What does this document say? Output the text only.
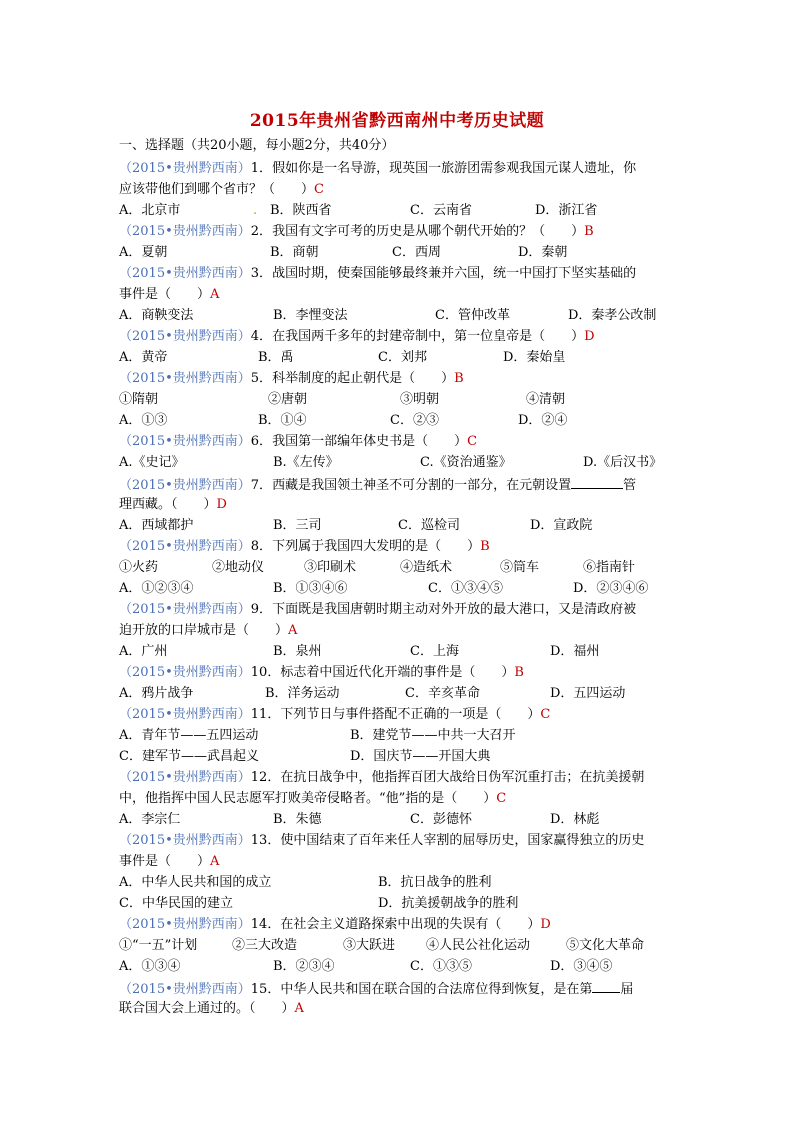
2015年贵州省黔西南州中考历史试题
一、选择题（共20小题，每小题2分，共40分）
（2015•贵州黔西南）1．假如你是一名导游，现英国一旅游团需参观我国元谋人遗址，你
应该带他们到哪个省市？（　　）C
A．北京市	. B．陕西省	C．云南省	D．浙江省
（2015•贵州黔西南）2．我国有文字可考的历史是从哪个朝代开始的？（　　）B
A．夏朝	B．商朝	C．西周	D．秦朝
（2015•贵州黔西南）3．战国时期，使秦国能够最终兼并六国，统一中国打下坚实基础的
事件是（　　）A
A．商鞅变法	B．李悝变法	C．管仲改革	D．秦孝公改制
（2015•贵州黔西南）4．在我国两千多年的封建帝制中，第一位皇帝是（　　）D
A．黄帝	B．禹	C．刘邦	D．秦始皇
（2015•贵州黔西南）5．科举制度的起止朝代是（　　）B
①隋朝	②唐朝	③明朝	④清朝
A．①③	B．①④	C．②③	D．②④
（2015•贵州黔西南）6．我国第一部编年体史书是（　　）C
A.《史记》	B.《左传》	C.《资治通鉴》	D.《后汉书》
（2015•贵州黔西南）7．西藏是我国领土神圣不可分割的一部分，在元朝设置	管
理西藏。（　　）D
A．西域都护	B．三司	C．巡检司	D．宣政院
（2015•贵州黔西南）8．下列属于我国四大发明的是（　　）B
①火药	②地动仪	③印刷术	④造纸术	⑤筒车	⑥指南针
A．①②③④	B．①③④⑥	C．①③④⑤	D．②③④⑥
（2015•贵州黔西南）9．下面既是我国唐朝时期主动对外开放的最大港口，又是清政府被
迫开放的口岸城市是（　　）A
A．广州	B．泉州	C．上海	D．福州
（2015•贵州黔西南）10．标志着中国近代化开端的事件是（　　）B
A．鸦片战争	B．洋务运动	C．辛亥革命	D．五四运动
（2015•贵州黔西南）11．下列节日与事件搭配不正确的一项是（　　）C
A．青年节——五四运动	B．建党节——中共一大召开
C．建军节——武昌起义	D．国庆节——开国大典
（2015•贵州黔西南）12．在抗日战争中，他指挥百团大战给日伪军沉重打击；在抗美援朝
中，他指挥中国人民志愿军打败美帝侵略者。“他”指的是（　　）C
A．李宗仁	B．朱德	C．彭德怀	D．林彪
（2015•贵州黔西南）13．使中国结束了百年来任人宰割的屈辱历史，国家赢得独立的历史
事件是（　　）A
A．中华人民共和国的成立	B．抗日战争的胜利
C．中华民国的建立	D．抗美援朝战争的胜利
（2015•贵州黔西南）14．在社会主义道路探索中出现的失误有（　　）D
①“一五”计划	②三大改造	③大跃进 ④人民公社化运动	⑤文化大革命
A．①③④	B．②③④	C．①③⑤	D．③④⑤
（2015•贵州黔西南）15．中华人民共和国在联合国的合法席位得到恢复，是在第 届
联合国大会上通过的。（　　）A
